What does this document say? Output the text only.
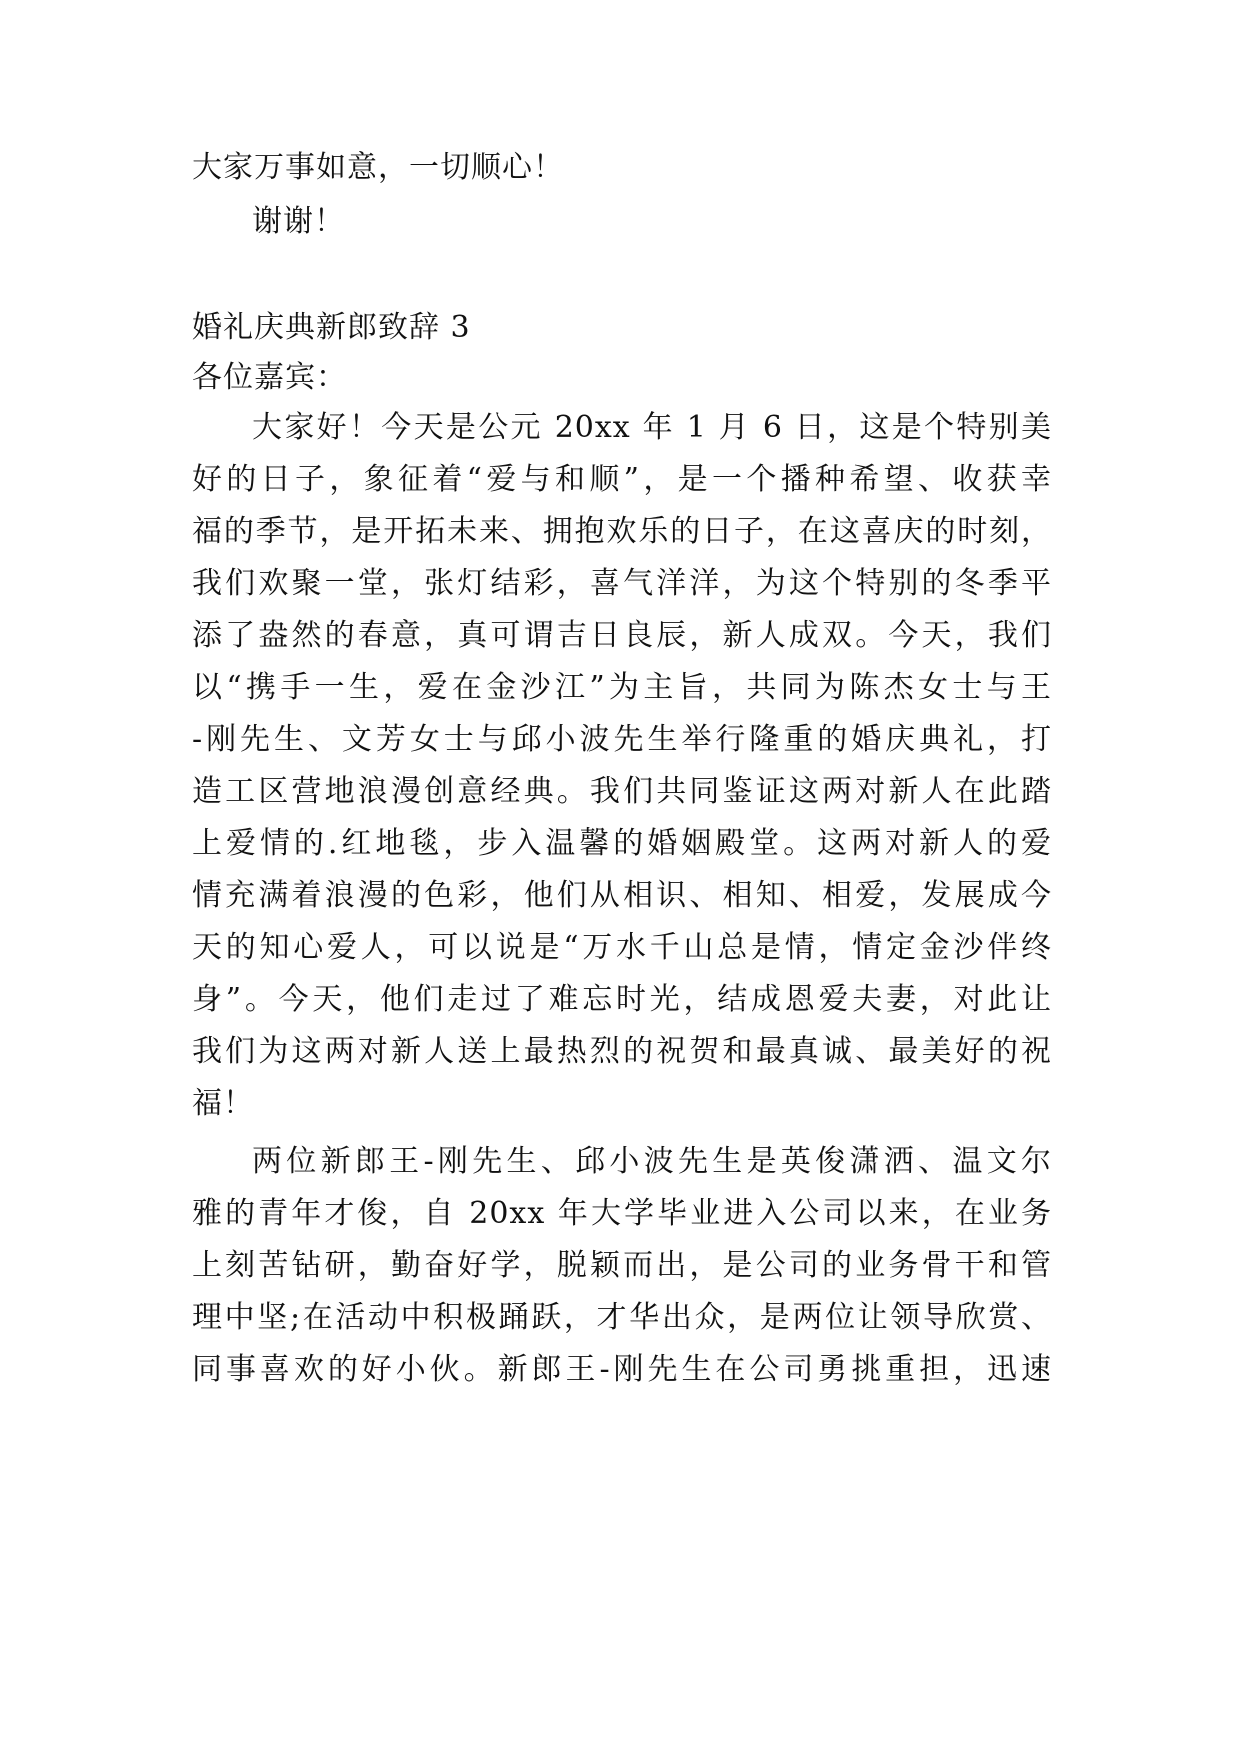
大家万事如意，一切顺心！
谢谢！
婚礼庆典新郎致辞 3
各位嘉宾：
大家好！今天是公元 20xx 年 1 月 6 日，这是个特别美
好的日子，象征着“爱与和顺”，是一个播种希望、收获幸
福的季节，是开拓未来、拥抱欢乐的日子，在这喜庆的时刻，
我们欢聚一堂，张灯结彩，喜气洋洋，为这个特别的冬季平
添了盎然的春意，真可谓吉日良辰，新人成双。今天，我们
以“携手一生，爱在金沙江”为主旨，共同为陈杰女士与王
-刚先生、文芳女士与邱小波先生举行隆重的婚庆典礼，打
造工区营地浪漫创意经典。我们共同鉴证这两对新人在此踏
上爱情的.红地毯，步入温馨的婚姻殿堂。这两对新人的爱
情充满着浪漫的色彩，他们从相识、相知、相爱，发展成今
天的知心爱人，可以说是“万水千山总是情，情定金沙伴终
身”。今天，他们走过了难忘时光，结成恩爱夫妻，对此让
我们为这两对新人送上最热烈的祝贺和最真诚、最美好的祝
福！
两位新郎王-刚先生、邱小波先生是英俊潇洒、温文尔
雅的青年才俊，自 20xx 年大学毕业进入公司以来，在业务
上刻苦钻研，勤奋好学，脱颖而出，是公司的业务骨干和管
理中坚;在活动中积极踊跃，才华出众，是两位让领导欣赏、
同事喜欢的好小伙。新郎王-刚先生在公司勇挑重担，迅速
